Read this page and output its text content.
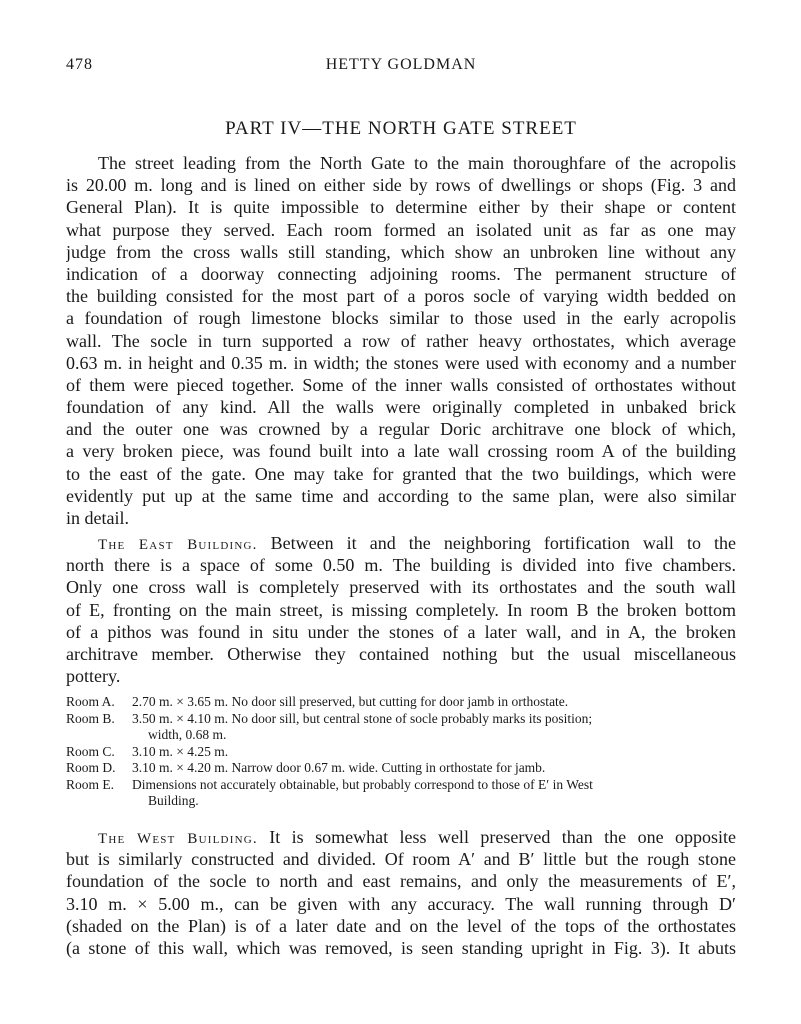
478	HETTY GOLDMAN
PART IV—THE NORTH GATE STREET
The street leading from the North Gate to the main thoroughfare of the acropolis
is 20.00 m. long and is lined on either side by rows of dwellings or shops (Fig. 3 and
General Plan). It is quite impossible to determine either by their shape or content
what purpose they served. Each room formed an isolated unit as far as one may
judge from the cross walls still standing, which show an unbroken line without any
indication of a doorway connecting adjoining rooms. The permanent structure of
the building consisted for the most part of a poros socle of varying width bedded on
a foundation of rough limestone blocks similar to those used in the early acropolis
wall. The socle in turn supported a row of rather heavy orthostates, which average
0.63 m. in height and 0.35 m. in width; the stones were used with economy and a number
of them were pieced together. Some of the inner walls consisted of orthostates without
foundation of any kind. All the walls were originally completed in unbaked brick
and the outer one was crowned by a regular Doric architrave one block of which,
a very broken piece, was found built into a late wall crossing room A of the building
to the east of the gate. One may take for granted that the two buildings, which were
evidently put up at the same time and according to the same plan, were also similar
in detail.
The East Building. Between it and the neighboring fortification wall to the
north there is a space of some 0.50 m. The building is divided into five chambers.
Only one cross wall is completely preserved with its orthostates and the south wall
of E, fronting on the main street, is missing completely. In room B the broken bottom
of a pithos was found in situ under the stones of a later wall, and in A, the broken
architrave member. Otherwise they contained nothing but the usual miscellaneous
pottery.
Room A.	2.70 m. × 3.65 m. No door sill preserved, but cutting for door jamb in orthostate.
Room B.	3.50 m. × 4.10 m. No door sill, but central stone of socle probably marks its position;
width, 0.68 m.
Room C.	3.10 m. × 4.25 m.
Room D.	3.10 m. × 4.20 m. Narrow door 0.67 m. wide. Cutting in orthostate for jamb.
Room E.	Dimensions not accurately obtainable, but probably correspond to those of E′ in West
Building.
The West Building. It is somewhat less well preserved than the one opposite
but is similarly constructed and divided. Of room A′ and B′ little but the rough stone
foundation of the socle to north and east remains, and only the measurements of E′,
3.10 m. × 5.00 m., can be given with any accuracy. The wall running through D′
(shaded on the Plan) is of a later date and on the level of the tops of the orthostates
(a stone of this wall, which was removed, is seen standing upright in Fig. 3). It abuts
